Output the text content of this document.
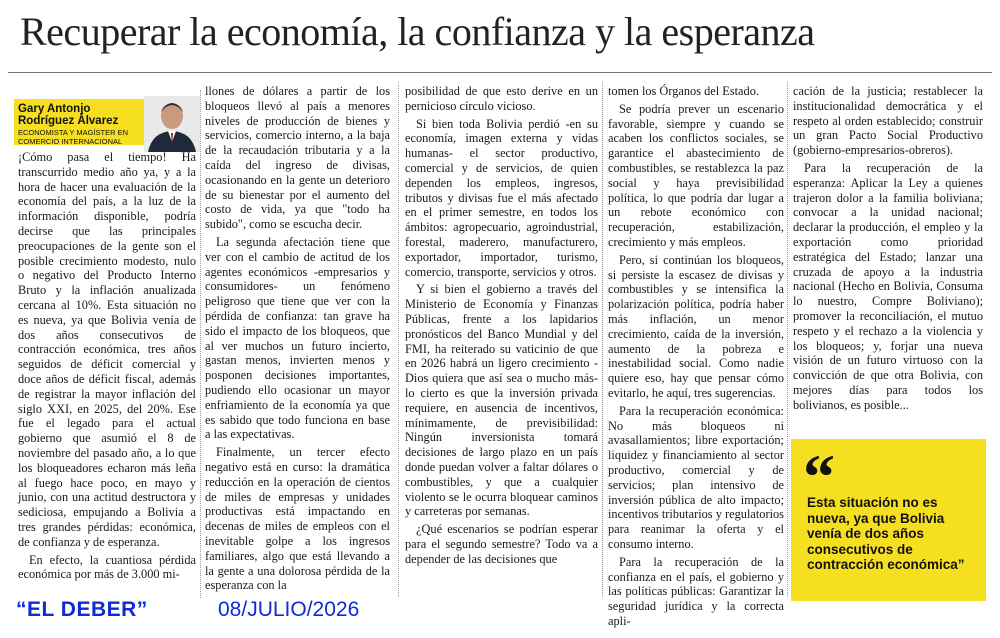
Recuperar la economía, la confianza y la esperanza
Gary Antonjo
Rodríguez Álvarez
ECONOMISTA Y MAGÍSTER EN
COMERCIO INTERNACIONAL

¡Cómo pasa el tiempo! Ha transcurrido medio año ya, y a la hora de hacer una evaluación de la economía del país, a la luz de la información disponible, podría decirse que las principales preocupaciones de la gente son el posible crecimiento modesto, nulo o negativo del Producto Interno Bruto y la inflación anualizada cercana al 10%. Esta situación no es nueva, ya que Bolivia venía de dos años consecutivos de contracción económica, tres años seguidos de déficit comercial y doce años de déficit fiscal, además de registrar la mayor inflación del siglo XXI, en 2025, del 20%. Ese fue el legado para el actual gobierno que asumió el 8 de noviembre del pasado año, a lo que los bloqueadores echaron más leña al fuego hace poco, en mayo y junio, con una actitud destructora y sediciosa, empujando a Bolivia a tres grandes pérdidas: económica, de confianza y de esperanza.

En efecto, la cuantiosa pérdida económica por más de 3.000 mi-

llones de dólares a partir de los bloqueos llevó al país a menores niveles de producción de bienes y servicios, comercio interno, a la baja de la recaudación tributaria y a la caída del ingreso de divisas, ocasionando en la gente un deterioro de su bienestar por el aumento del costo de vida, ya que "todo ha subido", como se escucha decir.

La segunda afectación tiene que ver con el cambio de actitud de los agentes económicos -empresarios y consumidores- un fenómeno peligroso que tiene que ver con la pérdida de confianza: tan grave ha sido el impacto de los bloqueos, que al ver muchos un futuro incierto, gastan menos, invierten menos y posponen decisiones importantes, pudiendo ello ocasionar un mayor enfriamiento de la economía ya que es sabido que todo funciona en base a las expectativas.

Finalmente, un tercer efecto negativo está en curso: la dramática reducción en la operación de cientos de miles de empresas y unidades productivas está impactando en decenas de miles de empleos con el inevitable golpe a los ingresos familiares, algo que está llevando a la gente a una dolorosa pérdida de la esperanza con la

posibilidad de que esto derive en un pernicioso círculo vicioso.

Si bien toda Bolivia perdió -en su economía, imagen externa y vidas humanas- el sector productivo, comercial y de servicios, de quien dependen los empleos, ingresos, tributos y divisas fue el más afectado en el primer semestre, en todos los ámbitos: agropecuario, agroindustrial, forestal, maderero, manufacturero, exportador, importador, turismo, comercio, transporte, servicios y otros.

Y si bien el gobierno a través del Ministerio de Economía y Finanzas Públicas, frente a los lapidarios pronósticos del Banco Mundial y del FMI, ha reiterado su vaticinio de que en 2026 habrá un ligero crecimiento -Dios quiera que así sea o mucho más- lo cierto es que la inversión privada requiere, en ausencia de incentivos, mínimamente, de previsibilidad: Ningún inversionista tomará decisiones de largo plazo en un país donde puedan volver a faltar dólares o combustibles, y que a cualquier violento se le ocurra bloquear caminos y carreteras por semanas.

¿Qué escenarios se podrían esperar para el segundo semestre? Todo va a depender de las decisiones que

tomen los Órganos del Estado.

Se podría prever un escenario favorable, siempre y cuando se acaben los conflictos sociales, se garantice el abastecimiento de combustibles, se restablezca la paz social y haya previsibilidad política, lo que podría dar lugar a un rebote económico con recuperación, estabilización, crecimiento y más empleos.

Pero, si continúan los bloqueos, si persiste la escasez de divisas y combustibles y se intensifica la polarización política, podría haber más inflación, un menor crecimiento, caída de la inversión, aumento de la pobreza e inestabilidad social. Como nadie quiere eso, hay que pensar cómo evitarlo, he aquí, tres sugerencias.

Para la recuperación económica: No más bloqueos ni avasallamientos; libre exportación; liquidez y financiamiento al sector productivo, comercial y de servicios; plan intensivo de inversión pública de alto impacto; incentivos tributarios y regulatorios para reanimar la oferta y el consumo interno.

Para la recuperación de la confianza en el país, el gobierno y las políticas públicas: Garantizar la seguridad jurídica y la correcta apli-

cación de la justicia; restablecer la institucionalidad democrática y el respeto al orden establecido; construir un gran Pacto Social Productivo (gobierno-empresarios-obreros).

Para la recuperación de la esperanza: Aplicar la Ley a quienes trajeron dolor a la familia boliviana; convocar a la unidad nacional; declarar la producción, el empleo y la exportación como prioridad estratégica del Estado; lanzar una cruzada de apoyo a la industria nacional (Hecho en Bolivia, Consuma lo nuestro, Compre Boliviano); promover la reconciliación, el mutuo respeto y el rechazo a la violencia y los bloqueos; y, forjar una nueva visión de un futuro virtuoso con la convicción de que otra Bolivia, con mejores días para todos los bolivianos, es posible...

“
Esta situación no es nueva, ya que Bolivia venía de dos años consecutivos de contracción económica”
“EL DEBER”	08/JULIO/2026
